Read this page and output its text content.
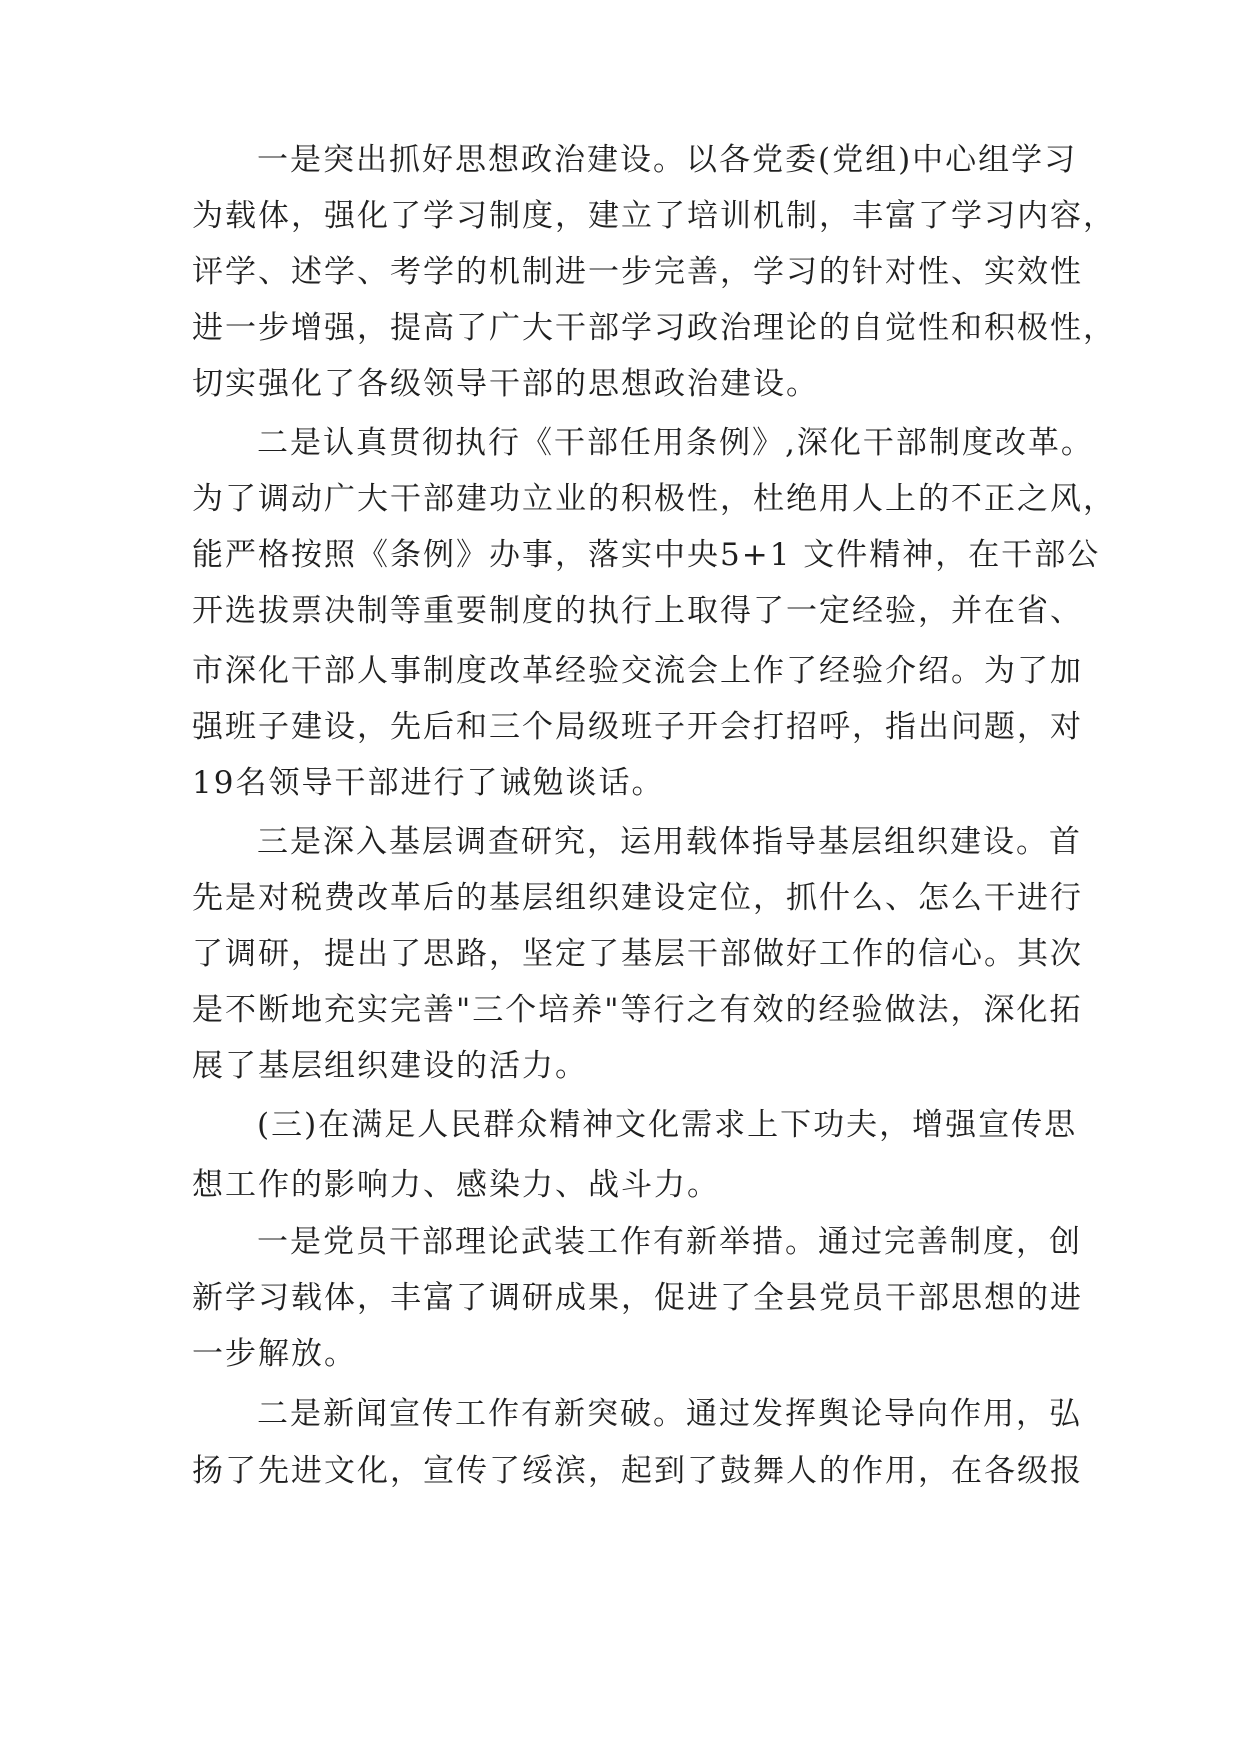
一是突出抓好思想政治建设。以各党委(党组)中心组学习
为载体，强化了学习制度，建立了培训机制，丰富了学习内容，
评学、述学、考学的机制进一步完善，学习的针对性、实效性
进一步增强，提高了广大干部学习政治理论的自觉性和积极性，
切实强化了各级领导干部的思想政治建设。
二是认真贯彻执行《干部任用条例》,深化干部制度改革。
为了调动广大干部建功立业的积极性，杜绝用人上的不正之风，
能严格按照《条例》办事，落实中央5+1 文件精神，在干部公
开选拔票决制等重要制度的执行上取得了一定经验，并在省、
市深化干部人事制度改革经验交流会上作了经验介绍。为了加
强班子建设，先后和三个局级班子开会打招呼，指出问题，对
19名领导干部进行了诫勉谈话。
三是深入基层调查研究，运用载体指导基层组织建设。首
先是对税费改革后的基层组织建设定位，抓什么、怎么干进行
了调研，提出了思路，坚定了基层干部做好工作的信心。其次
是不断地充实完善"三个培养"等行之有效的经验做法，深化拓
展了基层组织建设的活力。
(三)在满足人民群众精神文化需求上下功夫，增强宣传思
想工作的影响力、感染力、战斗力。
一是党员干部理论武装工作有新举措。通过完善制度，创
新学习载体，丰富了调研成果，促进了全县党员干部思想的进
一步解放。
二是新闻宣传工作有新突破。通过发挥舆论导向作用，弘
扬了先进文化，宣传了绥滨，起到了鼓舞人的作用，在各级报
